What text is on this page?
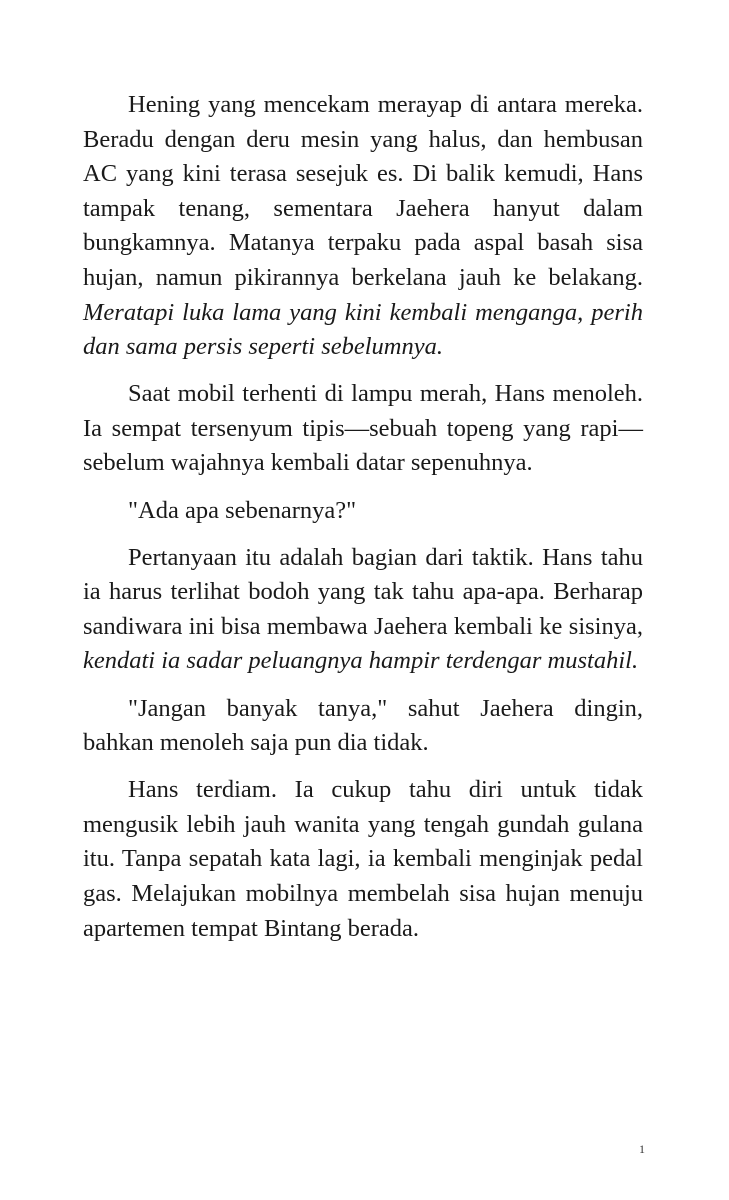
Hening yang mencekam merayap di antara mereka. Beradu dengan deru mesin yang halus, dan hembusan AC yang kini terasa sesejuk es. Di balik kemudi, Hans tampak tenang, sementara Jaehera hanyut dalam bungkamnya. Matanya terpaku pada aspal basah sisa hujan, namun pikirannya berkelana jauh ke belakang. Meratapi luka lama yang kini kembali menganga, perih dan sama persis seperti sebelumnya.

Saat mobil terhenti di lampu merah, Hans menoleh. Ia sempat tersenyum tipis—sebuah topeng yang rapi—sebelum wajahnya kembali datar sepenuhnya.

"Ada apa sebenarnya?"

Pertanyaan itu adalah bagian dari taktik. Hans tahu ia harus terlihat bodoh yang tak tahu apa-apa. Berharap sandiwara ini bisa membawa Jaehera kembali ke sisinya, kendati ia sadar peluangnya hampir terdengar mustahil.

"Jangan banyak tanya," sahut Jaehera dingin, bahkan menoleh saja pun dia tidak.

Hans terdiam. Ia cukup tahu diri untuk tidak mengusik lebih jauh wanita yang tengah gundah gulana itu. Tanpa sepatah kata lagi, ia kembali menginjak pedal gas. Melajukan mobilnya membelah sisa hujan menuju apartemen tempat Bintang berada.

1
